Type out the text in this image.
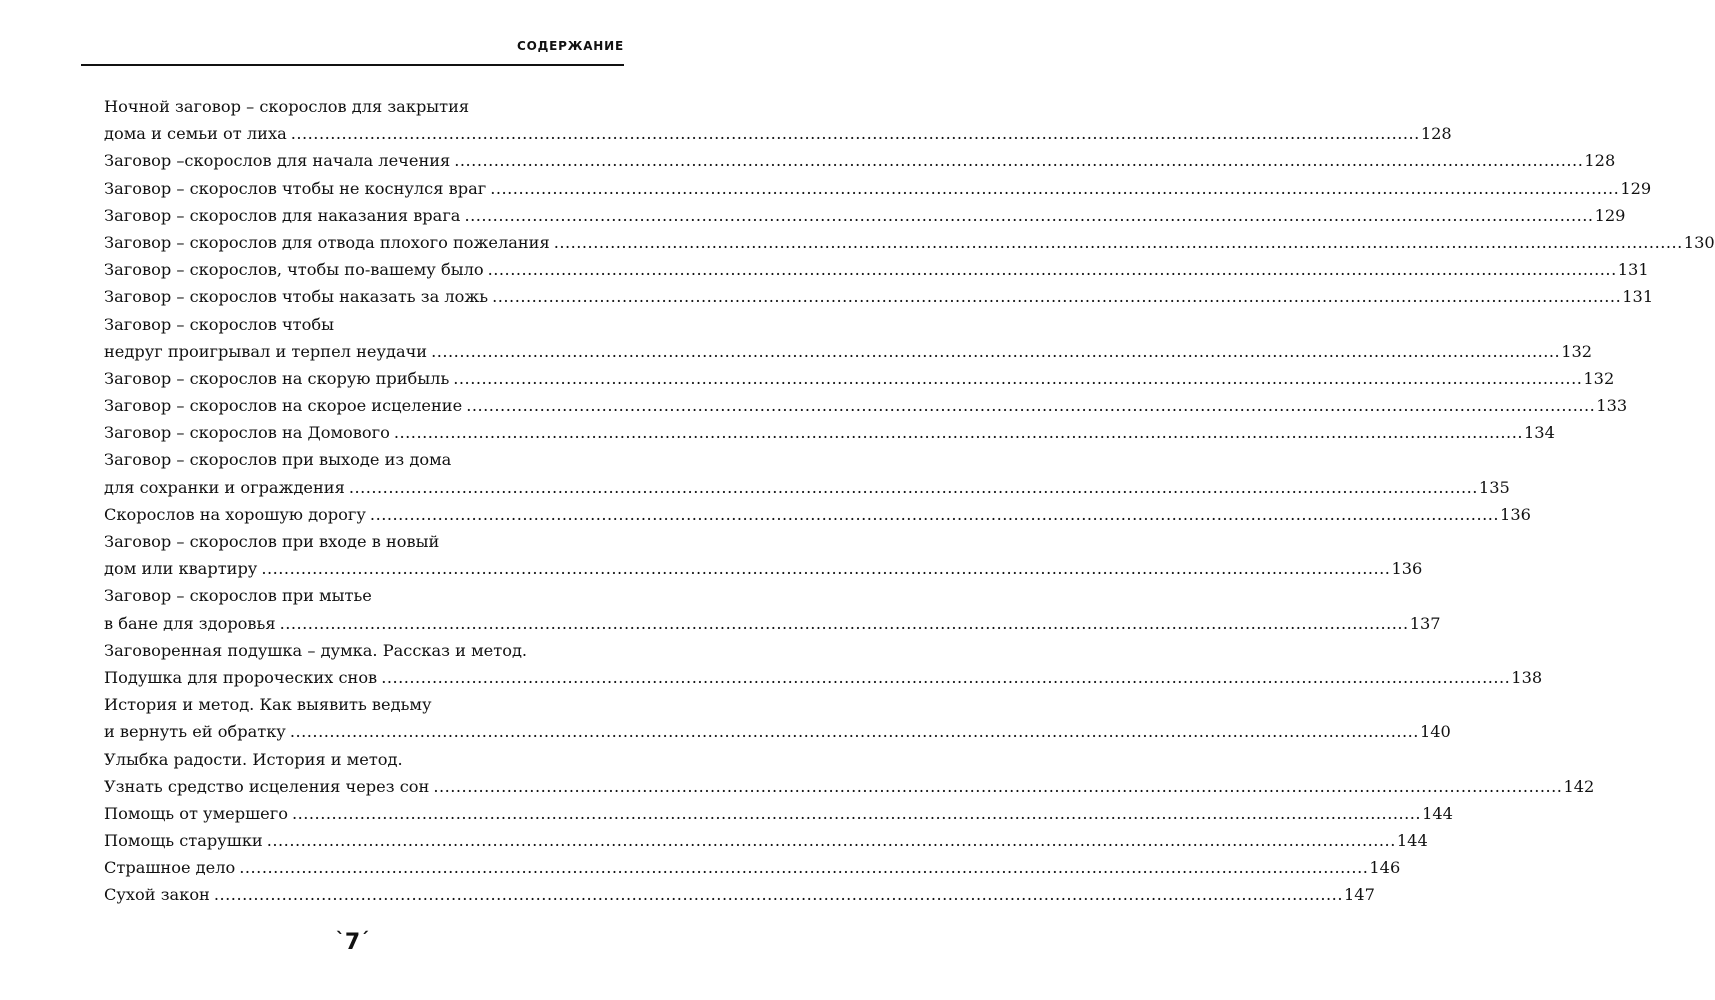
СОДЕРЖАНИЕ
Ночной заговор – скорослов для закрытия
дома и семьи от лиха ........................................................................................................................................................................................................ 128
Заговор –скорослов для начала лечения ........................................................................................................................................................................................................ 128
Заговор – скорослов чтобы не коснулся враг ........................................................................................................................................................................................................ 129
Заговор – скорослов для наказания врага ........................................................................................................................................................................................................ 129
Заговор – скорослов для отвода плохого пожелания ........................................................................................................................................................................................................ 130
Заговор – скорослов, чтобы по-вашему было ........................................................................................................................................................................................................ 131
Заговор – скорослов чтобы наказать за ложь ........................................................................................................................................................................................................ 131
Заговор – скорослов чтобы
недруг проигрывал и терпел неудачи ........................................................................................................................................................................................................ 132
Заговор – скорослов на скорую прибыль ........................................................................................................................................................................................................ 132
Заговор – скорослов на скорое исцеление ........................................................................................................................................................................................................ 133
Заговор – скорослов на Домового ........................................................................................................................................................................................................ 134
Заговор – скорослов при выходе из дома
для сохранки и ограждения ........................................................................................................................................................................................................ 135
Скорослов на хорошую дорогу ........................................................................................................................................................................................................ 136
Заговор – скорослов при входе в новый
дом или квартиру ........................................................................................................................................................................................................ 136
Заговор – скорослов при мытье
в бане для здоровья ........................................................................................................................................................................................................ 137
Заговоренная подушка – думка. Рассказ и метод.
Подушка для пророческих снов ........................................................................................................................................................................................................ 138
История и метод. Как выявить ведьму
и вернуть ей обратку ........................................................................................................................................................................................................ 140
Улыбка радости. История и метод.
Узнать средство исцеления через сон ........................................................................................................................................................................................................ 142
Помощь от умершего ........................................................................................................................................................................................................ 144
Помощь старушки ........................................................................................................................................................................................................ 144
Страшное дело ........................................................................................................................................................................................................ 146
Сухой закон ........................................................................................................................................................................................................ 147
`7´
